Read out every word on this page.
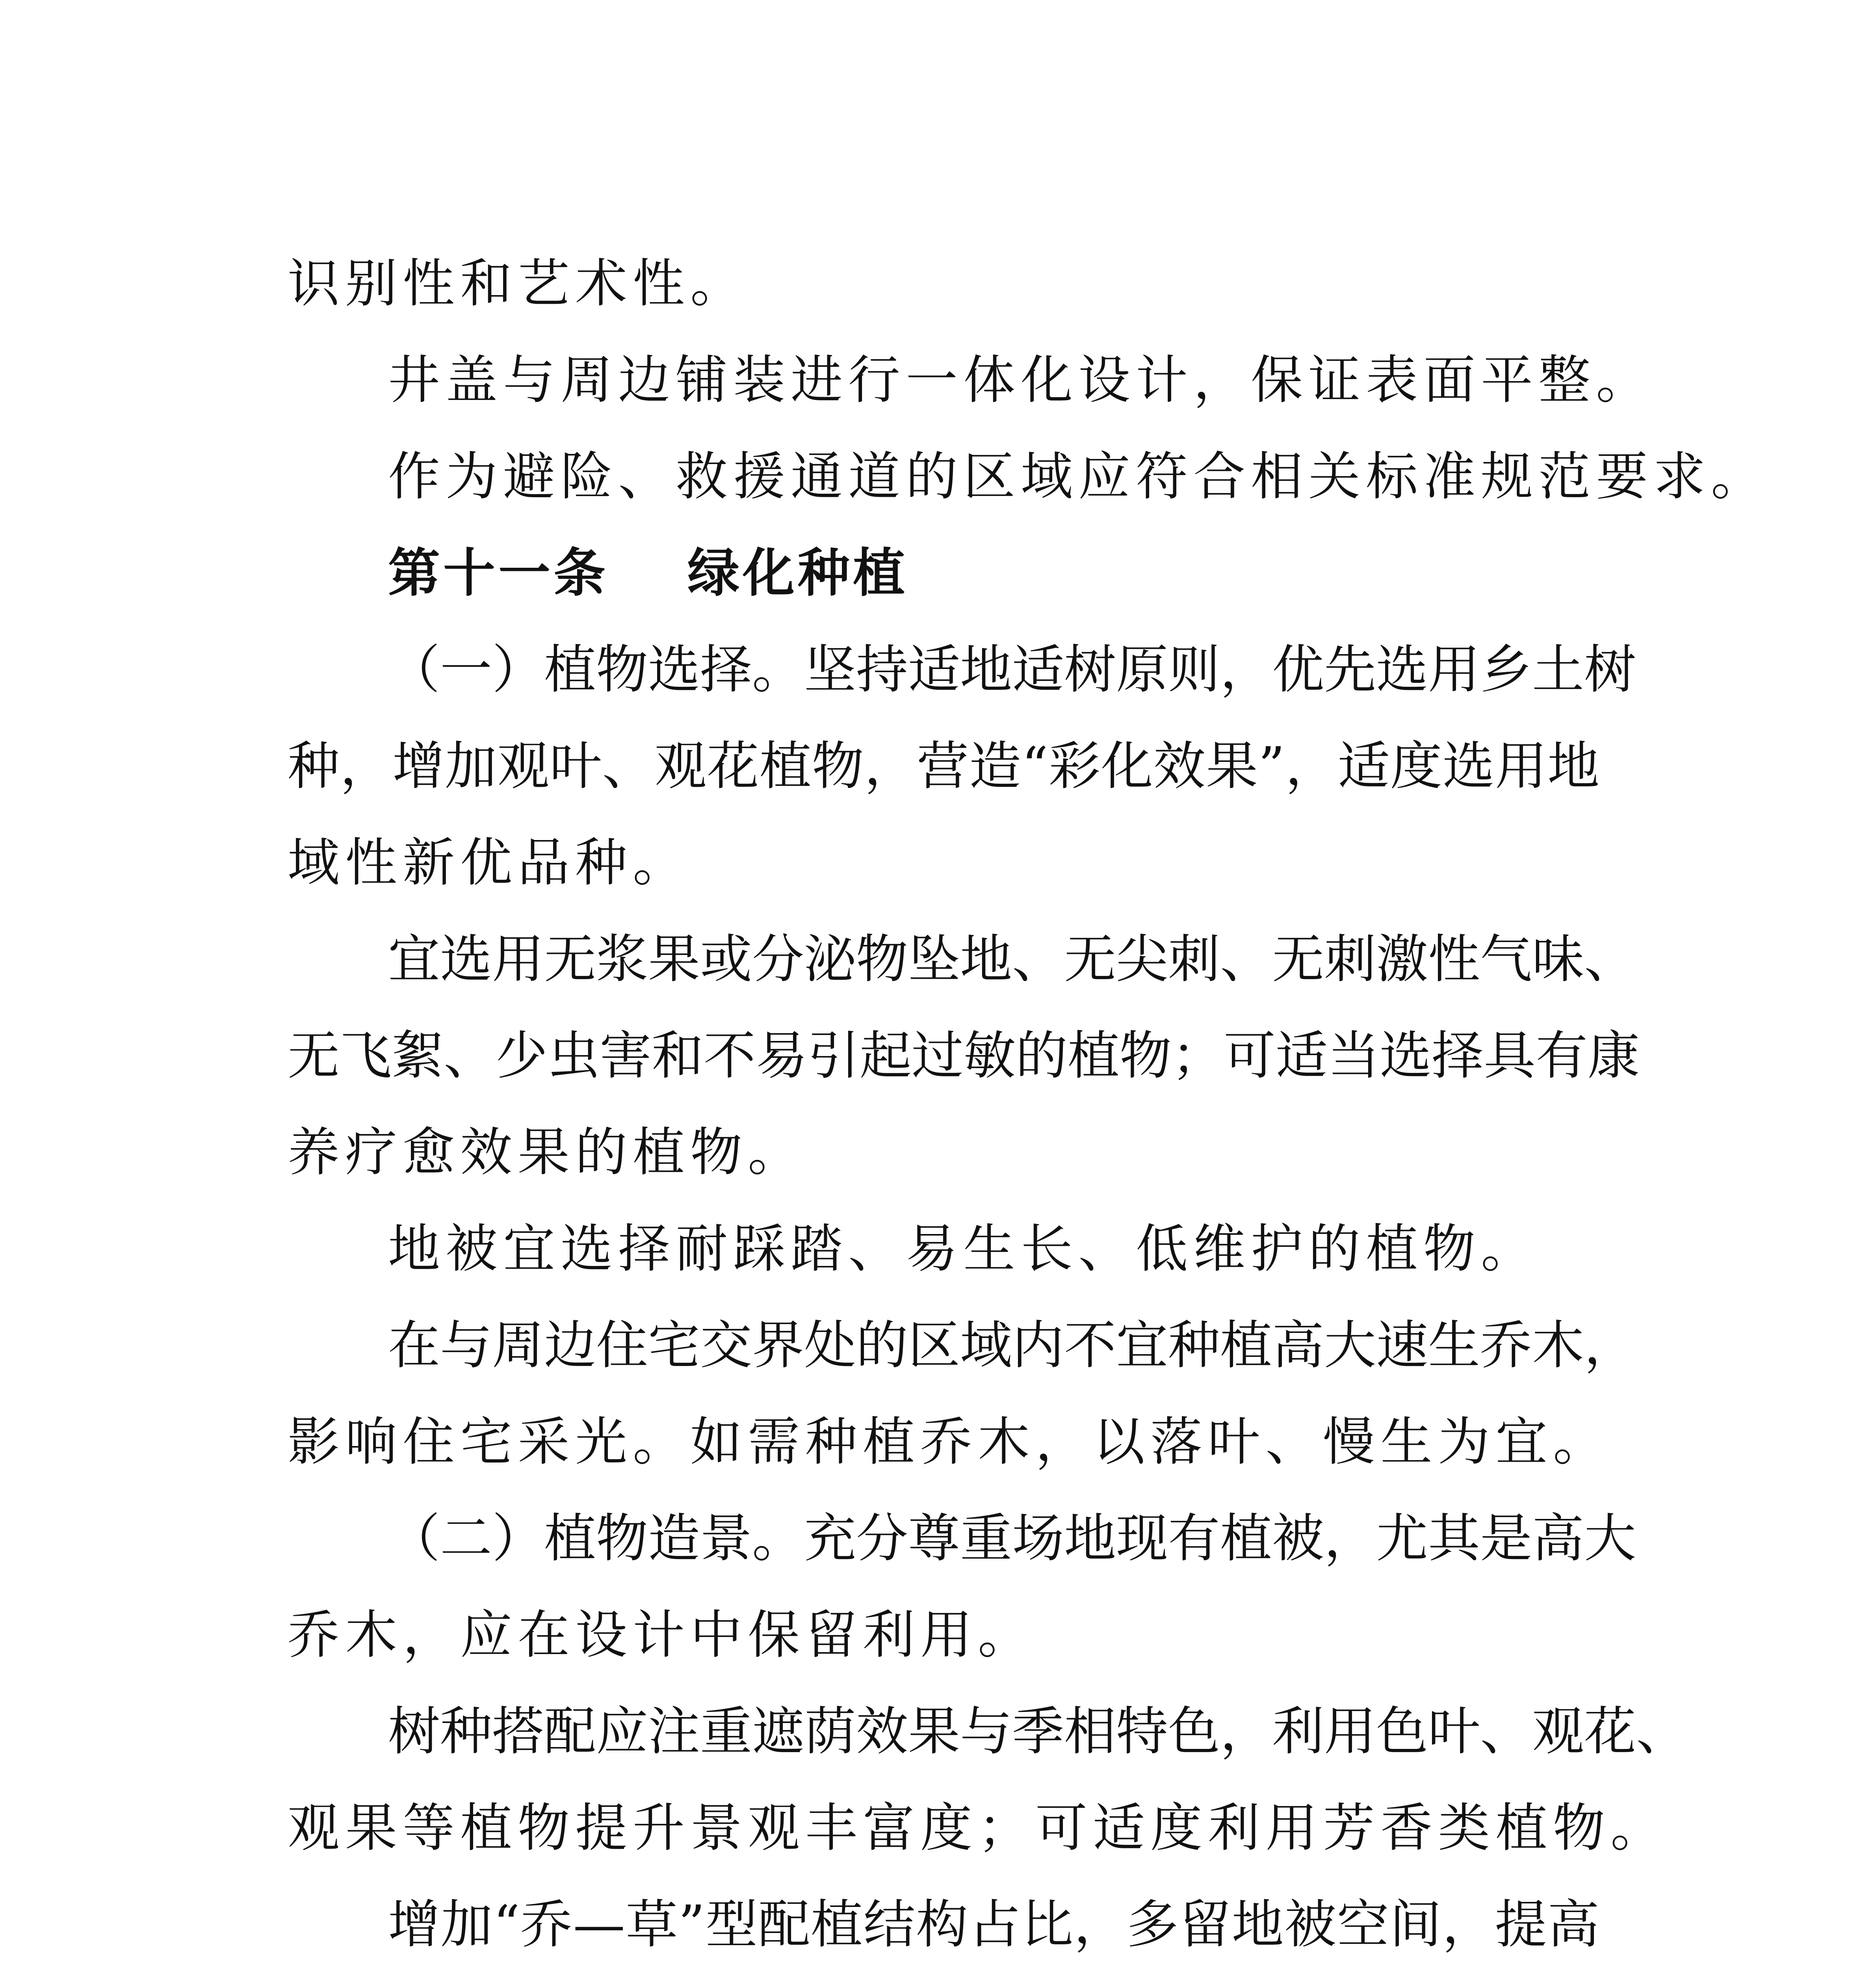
识别性和艺术性。
井盖与周边铺装进行一体化设计，保证表面平整。
作为避险、救援通道的区域应符合相关标准规范要求。
第十一条 绿化种植
（一）植物选择。坚持适地适树原则，优先选用乡土树
种，增加观叶、观花植物，营造“彩化效果”，适度选用地
域性新优品种。
宜选用无浆果或分泌物坠地、无尖刺、无刺激性气味、
无飞絮、少虫害和不易引起过敏的植物；可适当选择具有康
养疗愈效果的植物。
地被宜选择耐踩踏、易生长、低维护的植物。
在与周边住宅交界处的区域内不宜种植高大速生乔木，
影响住宅采光。如需种植乔木，以落叶、慢生为宜。
（二）植物造景。充分尊重场地现有植被，尤其是高大
乔木，应在设计中保留利用。
树种搭配应注重遮荫效果与季相特色，利用色叶、观花、
观果等植物提升景观丰富度；可适度利用芳香类植物。
增加“乔—草”型配植结构占比，多留地被空间，提高
